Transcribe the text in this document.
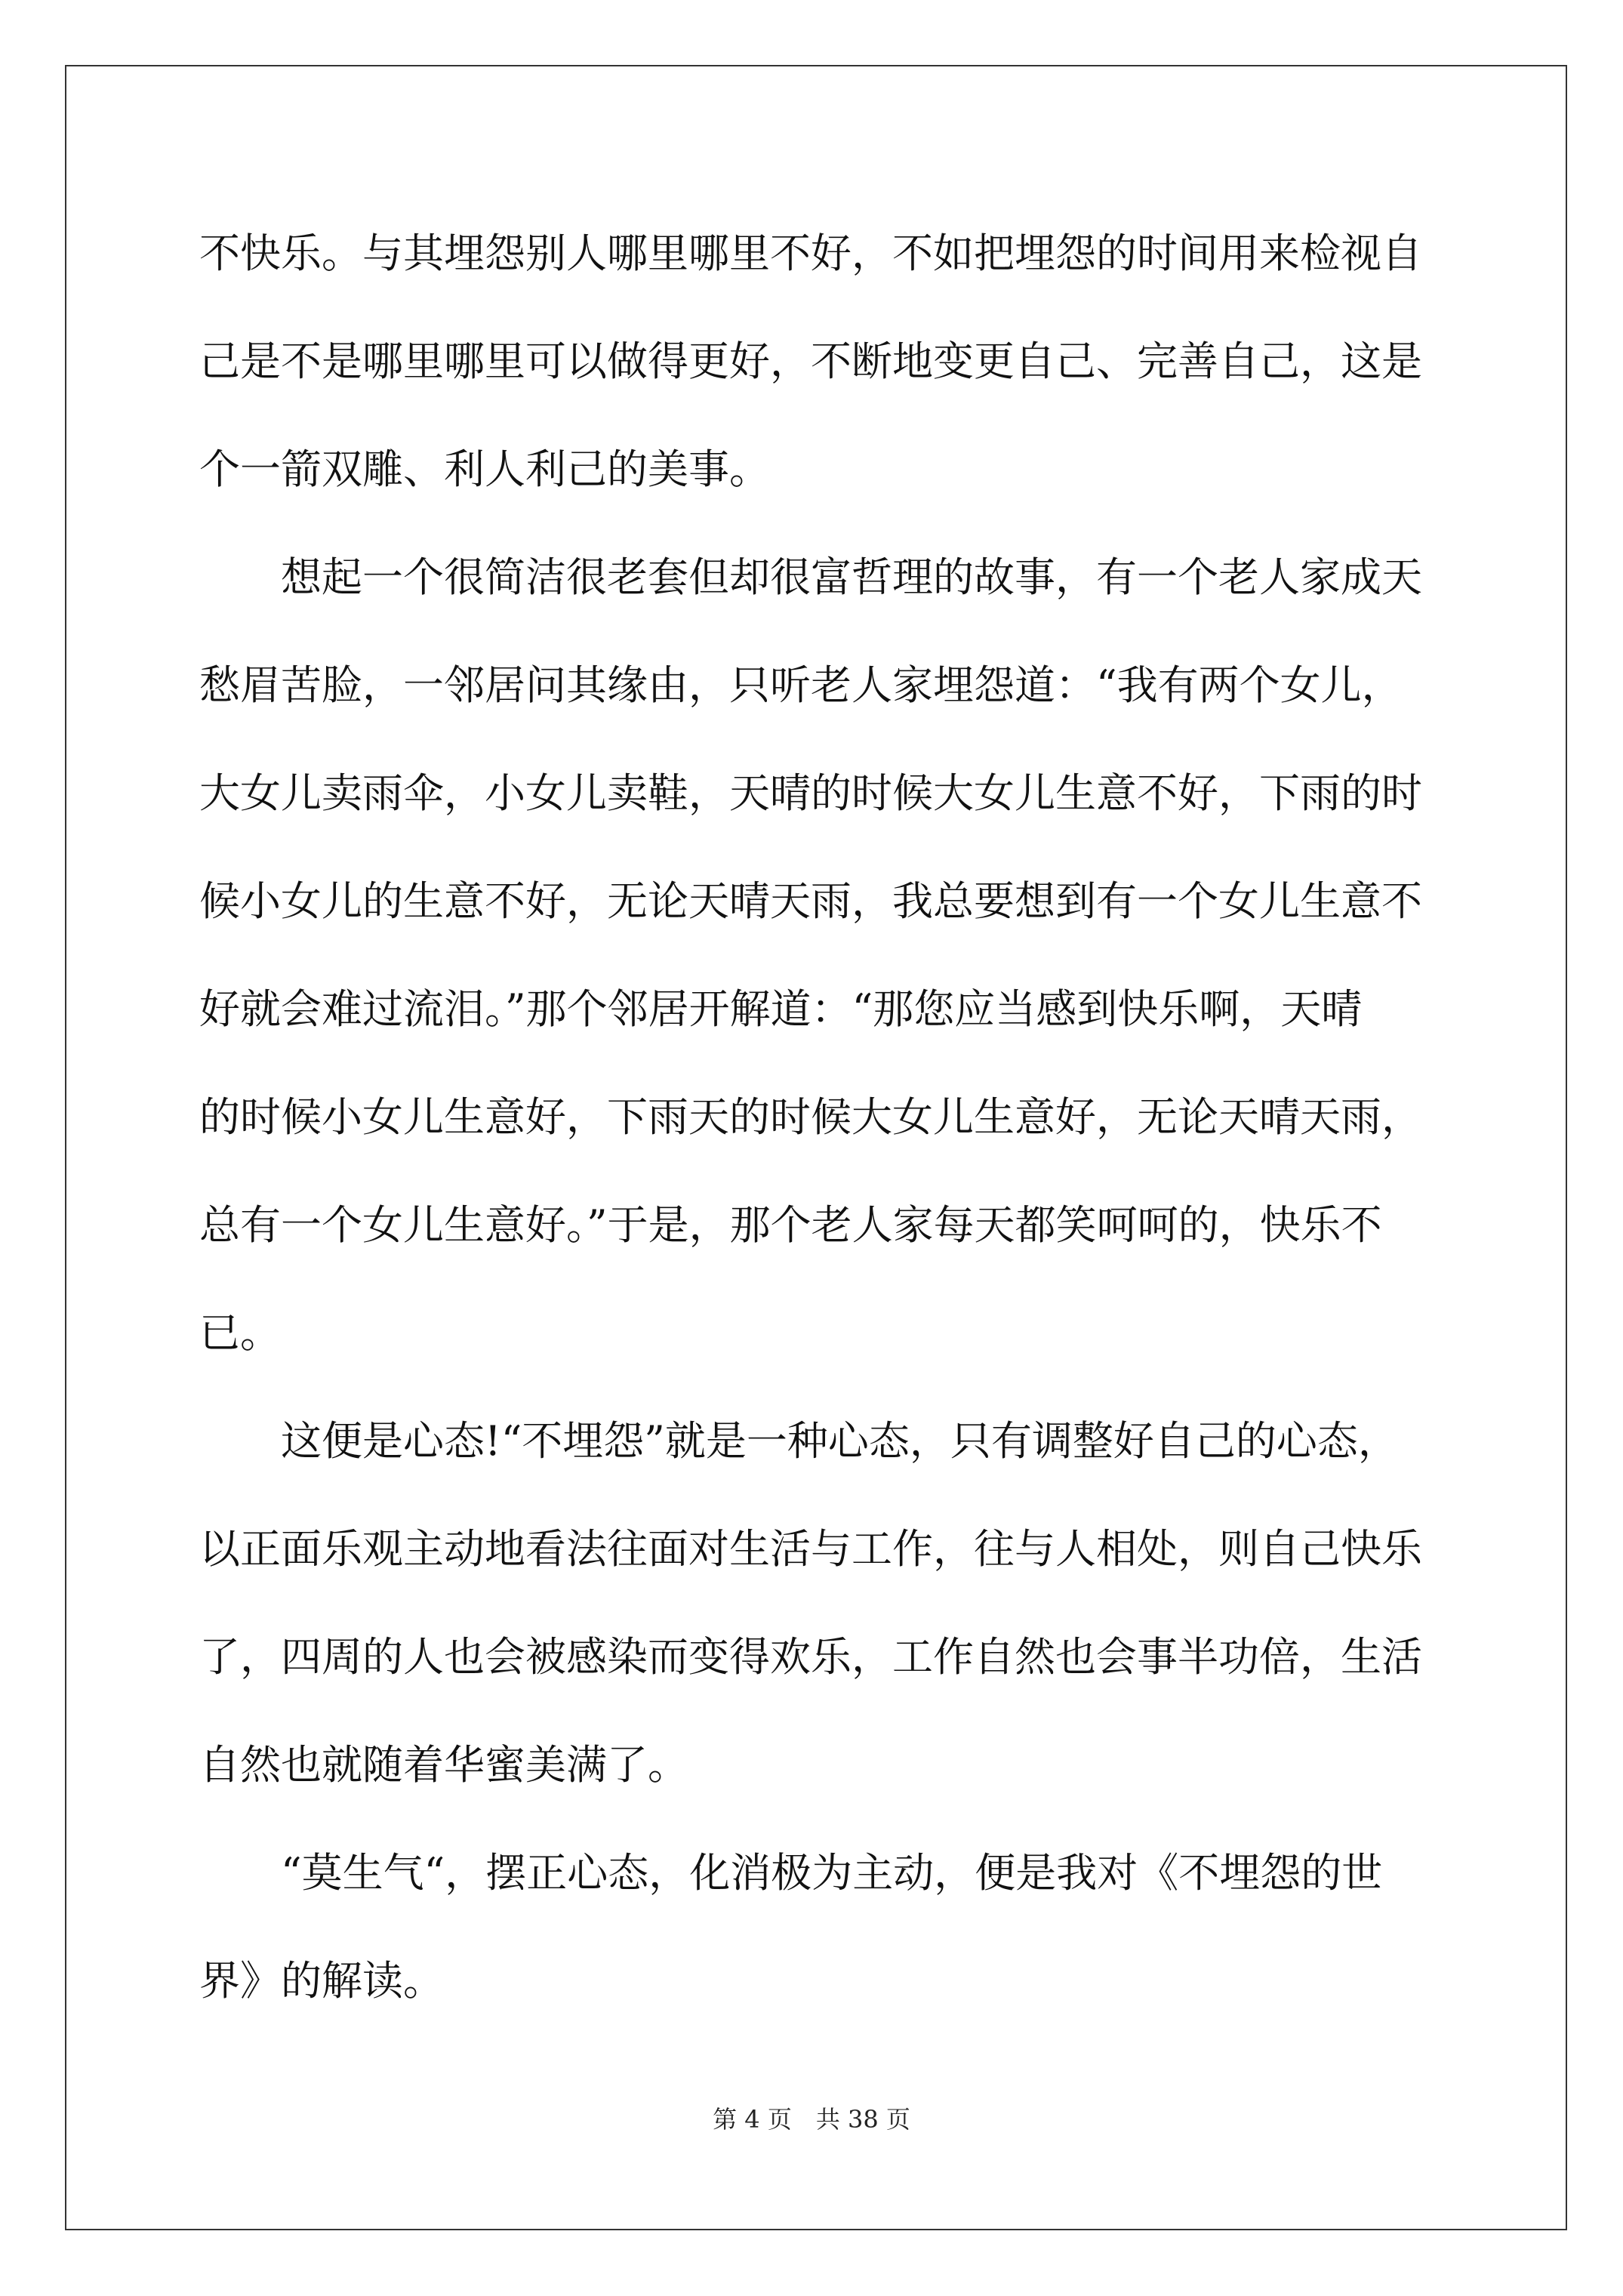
不快乐。与其埋怨别人哪里哪里不好，不如把埋怨的时间用来检视自
己是不是哪里哪里可以做得更好，不断地变更自己、完善自己，这是
个一箭双雕、利人利己的美事。
想起一个很简洁很老套但却很富哲理的故事，有一个老人家成天
愁眉苦脸，一邻居问其缘由，只听老人家埋怨道：“我有两个女儿，
大女儿卖雨伞，小女儿卖鞋，天晴的时候大女儿生意不好，下雨的时
候小女儿的生意不好，无论天晴天雨，我总要想到有一个女儿生意不
好就会难过流泪。”那个邻居开解道：“那您应当感到快乐啊，天晴
的时候小女儿生意好，下雨天的时候大女儿生意好，无论天晴天雨，
总有一个女儿生意好。”于是，那个老人家每天都笑呵呵的，快乐不
已。
这便是心态!“不埋怨”就是一种心态，只有调整好自己的心态，
以正面乐观主动地看法往面对生活与工作，往与人相处，则自己快乐
了，四周的人也会被感染而变得欢乐，工作自然也会事半功倍，生活
自然也就随着华蜜美满了。
“莫生气“，摆正心态，化消极为主动，便是我对《不埋怨的世
界》的解读。
第 4 页　共 38 页
